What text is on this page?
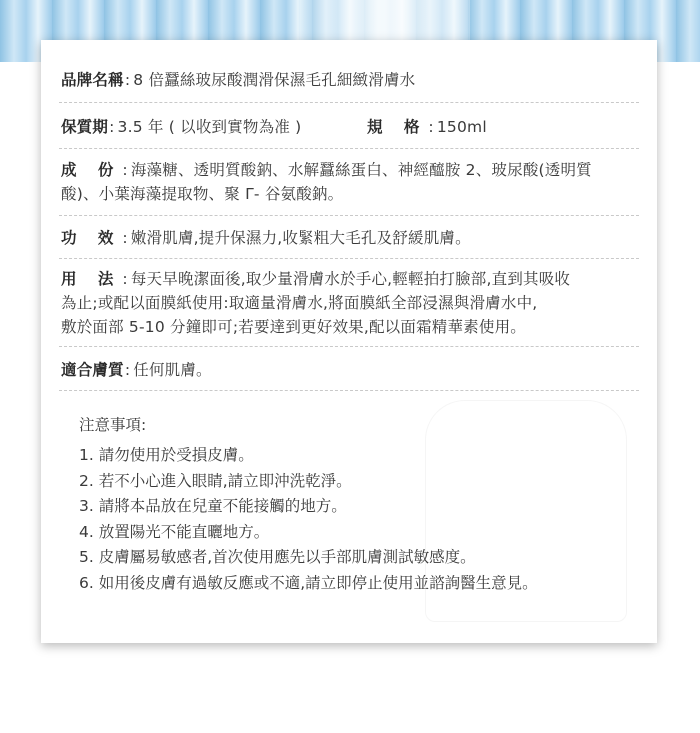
品牌名稱: 8 倍蠶絲玻尿酸潤滑保濕毛孔細緻滑膚水
保質期: 3.5 年 ( 以收到實物為准 )	規 格: 150ml
成 份: 海藻糖、透明質酸鈉、水解蠶絲蛋白、神經醯胺 2、玻尿酸(透明質
酸)、小葉海藻提取物、聚 Γ- 谷氨酸鈉。
功 效: 嫩滑肌膚,提升保濕力,收緊粗大毛孔及舒緩肌膚。
用 法: 每天早晚潔面後,取少量滑膚水於手心,輕輕拍打臉部,直到其吸收
為止;或配以面膜紙使用:取適量滑膚水,將面膜紙全部浸濕與滑膚水中,
敷於面部 5-10 分鐘即可;若要達到更好效果,配以面霜精華素使用。
適合膚質: 任何肌膚。
注意事項:
1. 請勿使用於受損皮膚。
2. 若不小心進入眼睛,請立即沖洗乾淨。
3. 請將本品放在兒童不能接觸的地方。
4. 放置陽光不能直曬地方。
5. 皮膚屬易敏感者,首次使用應先以手部肌膚測試敏感度。
6. 如用後皮膚有過敏反應或不適,請立即停止使用並諮詢醫生意見。
